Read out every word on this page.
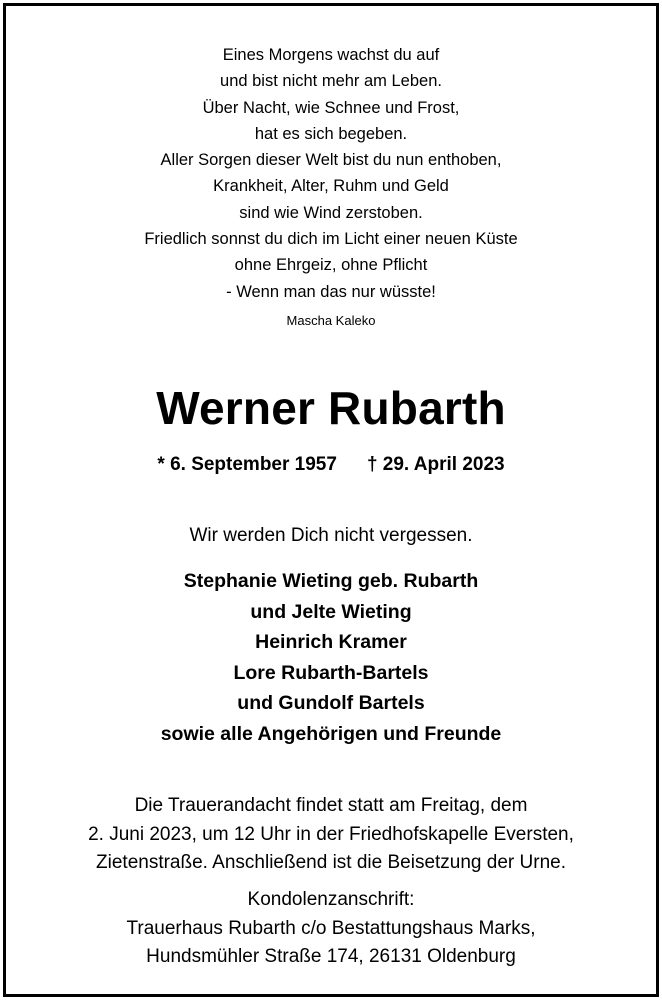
Eines Morgens wachst du auf
und bist nicht mehr am Leben.
Über Nacht, wie Schnee und Frost,
hat es sich begeben.
Aller Sorgen dieser Welt bist du nun enthoben,
Krankheit, Alter, Ruhm und Geld
sind wie Wind zerstoben.
Friedlich sonnst du dich im Licht einer neuen Küste
ohne Ehrgeiz, ohne Pflicht
- Wenn man das nur wüsste!
Mascha Kaleko
Werner Rubarth
* 6. September 1957 † 29. April 2023
Wir werden Dich nicht vergessen.
Stephanie Wieting geb. Rubarth
und Jelte Wieting
Heinrich Kramer
Lore Rubarth-Bartels
und Gundolf Bartels
sowie alle Angehörigen und Freunde
Die Trauerandacht findet statt am Freitag, dem
2. Juni 2023, um 12 Uhr in der Friedhofskapelle Eversten,
Zietenstraße. Anschließend ist die Beisetzung der Urne.
Kondolenzanschrift:
Trauerhaus Rubarth c/o Bestattungshaus Marks,
Hundsmühler Straße 174, 26131 Oldenburg
